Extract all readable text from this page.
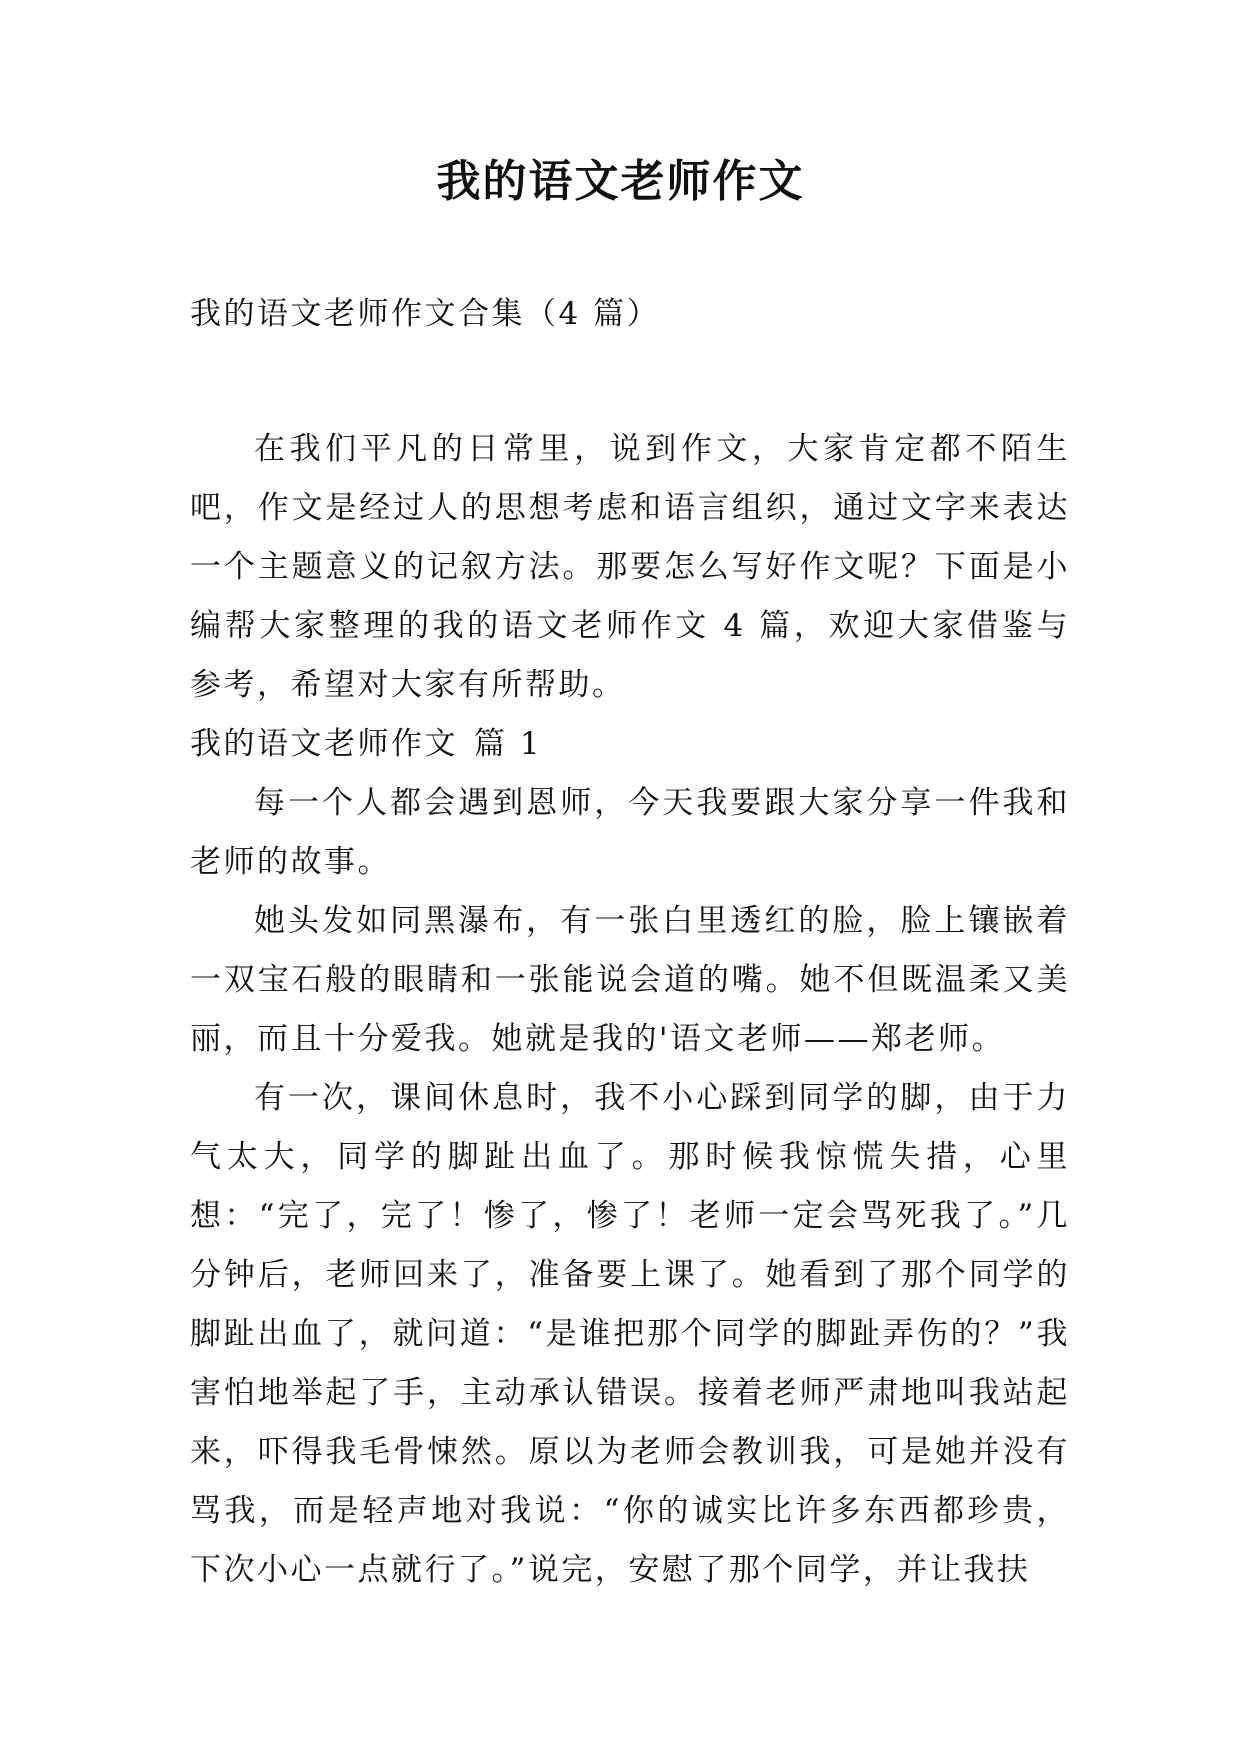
我的语文老师作文

我的语文老师作文合集（4 篇）

在我们平凡的日常里，说到作文，大家肯定都不陌生吧，作文是经过人的思想考虑和语言组织，通过文字来表达一个主题意义的记叙方法。那要怎么写好作文呢？下面是小编帮大家整理的我的语文老师作文 4 篇，欢迎大家借鉴与参考，希望对大家有所帮助。

我的语文老师作文 篇 1

每一个人都会遇到恩师，今天我要跟大家分享一件我和老师的故事。

她头发如同黑瀑布，有一张白里透红的脸，脸上镶嵌着一双宝石般的眼睛和一张能说会道的嘴。她不但既温柔又美丽，而且十分爱我。她就是我的'语文老师——郑老师。

有一次，课间休息时，我不小心踩到同学的脚，由于力气太大，同学的脚趾出血了。那时候我惊慌失措，心里想：“完了，完了！惨了，惨了！老师一定会骂死我了。”几分钟后，老师回来了，准备要上课了。她看到了那个同学的脚趾出血了，就问道：“是谁把那个同学的脚趾弄伤的？”我害怕地举起了手，主动承认错误。接着老师严肃地叫我站起来，吓得我毛骨悚然。原以为老师会教训我，可是她并没有骂我，而是轻声地对我说：“你的诚实比许多东西都珍贵，下次小心一点就行了。”说完，安慰了那个同学，并让我扶
